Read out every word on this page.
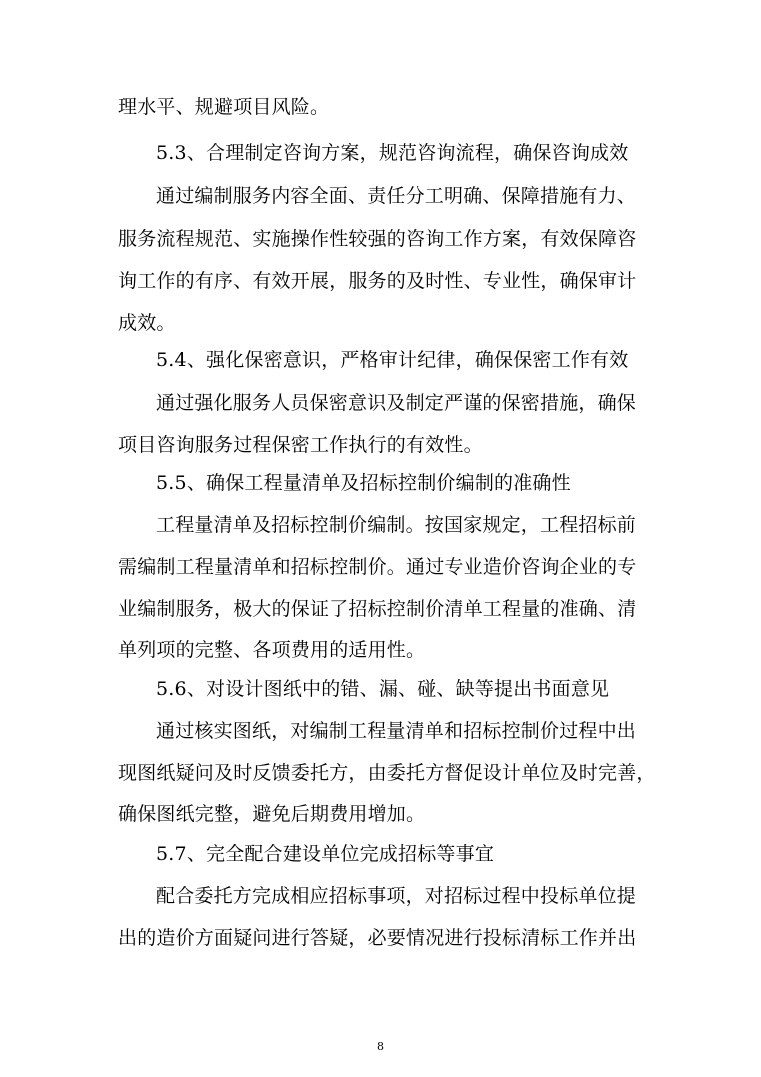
理水平、规避项目风险。
5.3、合理制定咨询方案，规范咨询流程，确保咨询成效
通过编制服务内容全面、责任分工明确、保障措施有力、
服务流程规范、实施操作性较强的咨询工作方案，有效保障咨
询工作的有序、有效开展，服务的及时性、专业性，确保审计
成效。
5.4、强化保密意识，严格审计纪律，确保保密工作有效
通过强化服务人员保密意识及制定严谨的保密措施，确保
项目咨询服务过程保密工作执行的有效性。
5.5、确保工程量清单及招标控制价编制的准确性
工程量清单及招标控制价编制。按国家规定，工程招标前
需编制工程量清单和招标控制价。通过专业造价咨询企业的专
业编制服务，极大的保证了招标控制价清单工程量的准确、清
单列项的完整、各项费用的适用性。
5.6、对设计图纸中的错、漏、碰、缺等提出书面意见
通过核实图纸，对编制工程量清单和招标控制价过程中出
现图纸疑问及时反馈委托方，由委托方督促设计单位及时完善，
确保图纸完整，避免后期费用增加。
5.7、完全配合建设单位完成招标等事宜
配合委托方完成相应招标事项，对招标过程中投标单位提
出的造价方面疑问进行答疑，必要情况进行投标清标工作并出
8
